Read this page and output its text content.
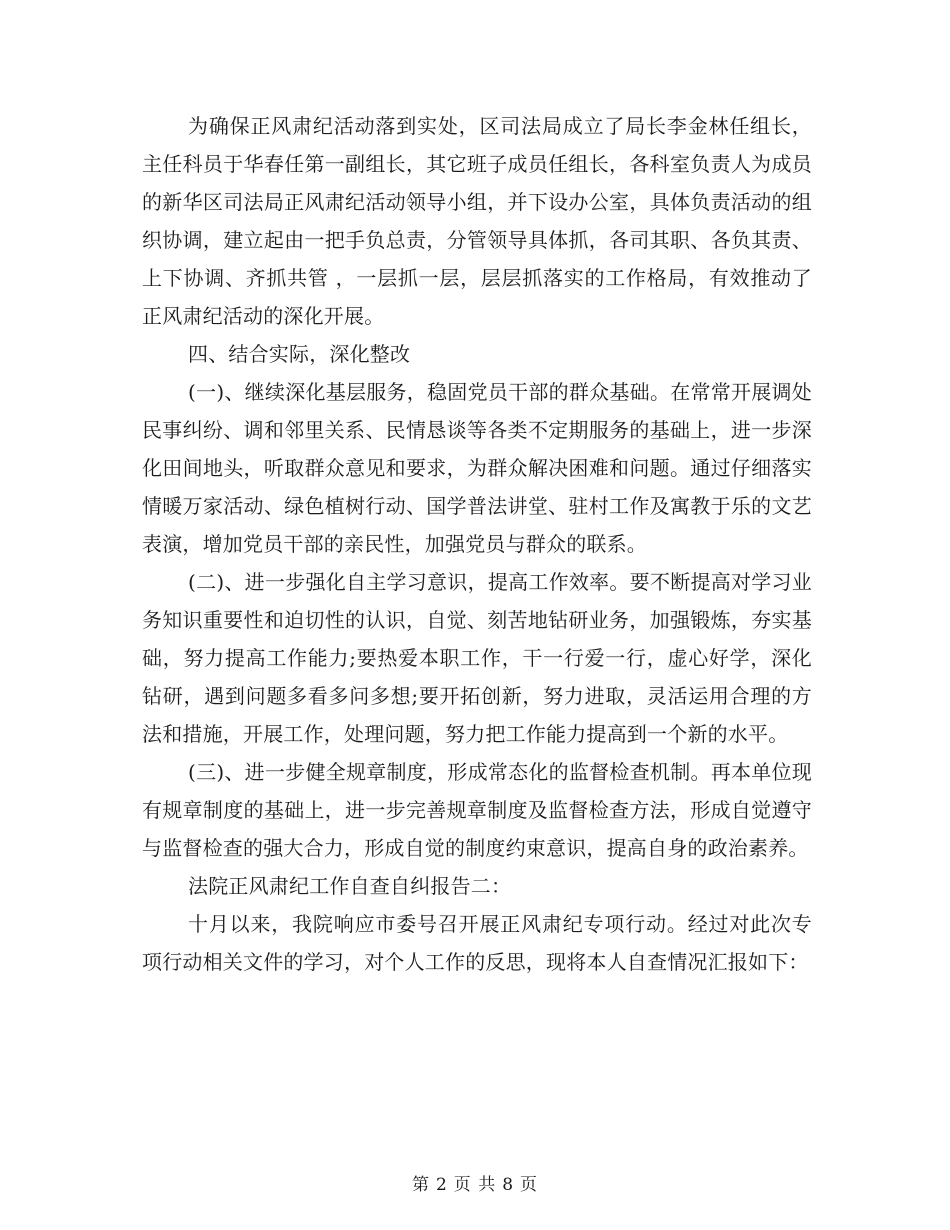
为确保正风肃纪活动落到实处，区司法局成立了局长李金林任组长，主任科员于华春任第一副组长，其它班子成员任组长，各科室负责人为成员的新华区司法局正风肃纪活动领导小组，并下设办公室，具体负责活动的组织协调，建立起由一把手负总责，分管领导具体抓，各司其职、各负其责、上下协调、齐抓共管 ，一层抓一层，层层抓落实的工作格局，有效推动了正风肃纪活动的深化开展。

四、结合实际，深化整改

(一)、继续深化基层服务，稳固党员干部的群众基础。在常常开展调处民事纠纷、调和邻里关系、民情恳谈等各类不定期服务的基础上，进一步深化田间地头，听取群众意见和要求，为群众解决困难和问题。通过仔细落实情暖万家活动、绿色植树行动、国学普法讲堂、驻村工作及寓教于乐的文艺表演，增加党员干部的亲民性，加强党员与群众的联系。

(二)、进一步强化自主学习意识，提高工作效率。要不断提高对学习业务知识重要性和迫切性的认识，自觉、刻苦地钻研业务，加强锻炼，夯实基础，努力提高工作能力;要热爱本职工作，干一行爱一行，虚心好学，深化钻研，遇到问题多看多问多想;要开拓创新，努力进取，灵活运用合理的方法和措施，开展工作，处理问题，努力把工作能力提高到一个新的水平。

(三)、进一步健全规章制度，形成常态化的监督检查机制。再本单位现有规章制度的基础上，进一步完善规章制度及监督检查方法，形成自觉遵守与监督检查的强大合力，形成自觉的制度约束意识，提高自身的政治素养。

法院正风肃纪工作自查自纠报告二：

十月以来，我院响应市委号召开展正风肃纪专项行动。经过对此次专项行动相关文件的学习，对个人工作的反思，现将本人自查情况汇报如下：

第 2 页 共 8 页
